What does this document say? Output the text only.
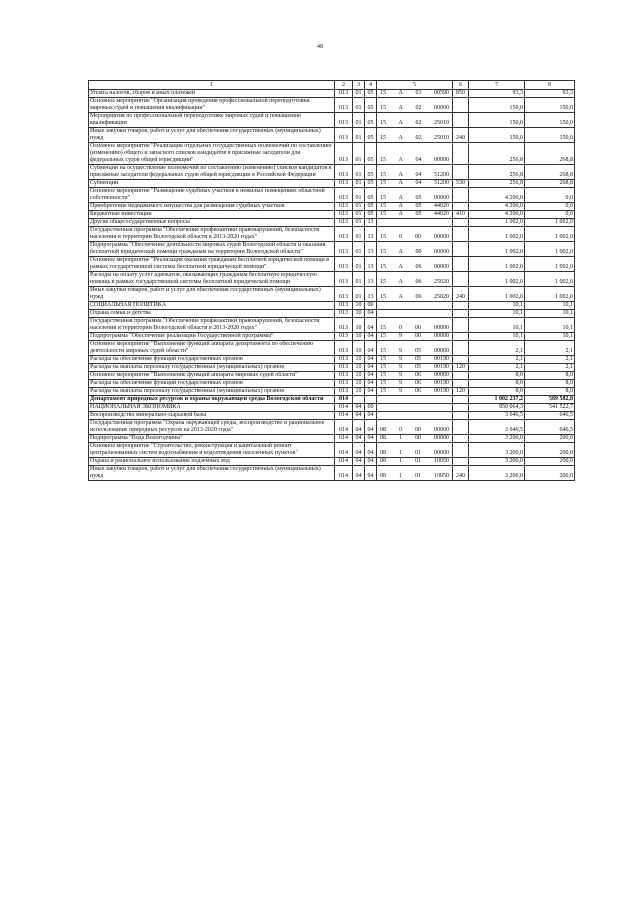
48
1	2	3	4	5	6	7	8
Уплата налогов, сборов и иных платежей	013	01	05	15 А 01 00590	850	93,3	93,3
Основное мероприятие "Организация проведения профессиональной переподготовки мировых судей и повышения квалификации"	013	01	05	15 А 02 00000		150,0	150,0
Мероприятия по профессиональной переподготовке мировых судей и повышению квалификации	013	01	05	15 А 02 25010		150,0	150,0
Иные закупки товаров, работ и услуг для обеспечения государственных (муниципальных) нужд	013	01	05	15 А 02 25010	240	150,0	150,0
Основное мероприятие "Реализация отдельных государственных полномочий по составлению (изменению) общего и запасного списков кандидатов в присяжные заседатели для федеральных судов общей юрисдикции"	013	01	05	15 А 04 00000		256,8	268,8
Субвенции на осуществление полномочий по составлению (изменению) списков кандидатов в присяжные заседатели федеральных судов общей юрисдикции в Российской Федерации	013	01	05	15 А 04 51200		256,8	268,8
Субвенции	013	01	05	15 А 04 51200	530	256,8	268,8
Основное мероприятие "Размещение судебных участков в нежилых помещениях областной собственности"	013	01	05	15 А 05 00000		4 200,0	0,0
Приобретение недвижимого имущества для размещения судебных участков	013	01	05	15 А 05 44020		4 200,0	0,0
Бюджетные инвестиции	013	01	05	15 А 05 44020	410	4 200,0	0,0
Другие общегосударственные вопросы	013	01	13			1 002,0	1 002,0
Государственная программа "Обеспечение профилактики правонарушений, безопасности населения и территории Вологодской области в 2013-2020 годах"	013	01	13	15 0 00 00000		1 002,0	1 002,0
Подпрограмма "Обеспечение деятельности мировых судей Вологодской области и оказания бесплатной юридической помощи гражданам на территории Вологодской области"	013	01	13	15 А 00 00000		1 002,0	1 002,0
Основное мероприятие "Реализация оказания гражданам бесплатной юридической помощи в рамках государственной системы бесплатной юридической помощи"	013	01	13	15 А 06 00000		1 002,0	1 002,0
Расходы на оплату услуг адвокатов, оказывающих гражданам бесплатную юридическую помощь в рамках государственной системы бесплатной юридической помощи	013	01	13	15 А 06 25020		1 002,0	1 002,0
Иные закупки товаров, работ и услуг для обеспечения государственных (муниципальных) нужд	013	01	13	15 А 06 25020	240	1 002,0	1 002,0
СОЦИАЛЬНАЯ ПОЛИТИКА	013	10	00			10,1	10,1
Охрана семьи и детства	013	10	04			10,1	10,1
Государственная программа "Обеспечение профилактики правонарушений, безопасности населения и территории Вологодской области в 2013-2020 годах"	013	10	04	15 0 00 00000		10,1	10,1
Подпрограмма "Обеспечение реализации Государственной программы"	013	10	04	15 9 00 00000		10,1	10,1
Основное мероприятие "Выполнение функций аппарата департамента по обеспечению деятельности мировых судей области"	013	10	04	15 9 05 00000		2,1	2,1
Расходы на обеспечение функций государственных органов	013	10	04	15 9 05 00190		2,1	2,1
Расходы на выплаты персоналу государственных (муниципальных) органов	013	10	04	15 9 05 00190	120	2,1	2,1
Основное мероприятие "Выполнение функций аппарата мировых судей области"	013	10	04	15 9 06 00000		8,0	8,0
Расходы на обеспечение функций государственных органов	013	10	04	15 9 06 00190		8,0	8,0
Расходы на выплаты персоналу государственных (муниципальных) органов	013	10	04	15 9 06 00190	120	8,0	8,0
Департамент природных ресурсов и охраны окружающей среды Вологодской области	014					1 002 237,2	589 582,8
НАЦИОНАЛЬНАЯ ЭКОНОМИКА	014	04	00			950 064,3	541 522,7
Воспроизводство минерально-сырьевой базы	014	04	04			3 646,5	646,5
Государственная программа "Охрана окружающей среды, воспроизводство и рациональное использование природных ресурсов на 2013-2020 годы"	014	04	04	08 0 00 00000		3 646,5	646,5
Подпрограмма "Вода Вологодчины"	014	04	04	08 1 00 00000		3 200,0	200,0
Основное мероприятие "Строительство, реконструкция и капитальный ремонт централизованных систем водоснабжения и водоотведения населенных пунктов"	014	04	04	08 1 01 00000		3 200,0	200,0
Охрана и рациональное использование подземных вод	014	04	04	08 1 01 10050		3 200,0	200,0
Иные закупки товаров, работ и услуг для обеспечения государственных (муниципальных) нужд	014	04	04	08 1 01 10050	240	3 200,0	200,0
